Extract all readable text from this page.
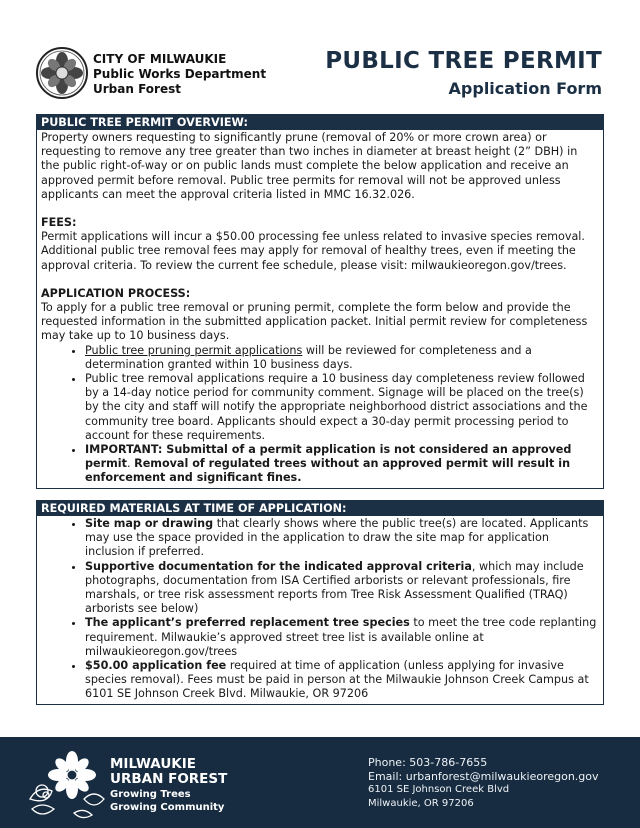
CITY OF MILWAUKIE
Public Works Department
Urban Forest
PUBLIC TREE PERMIT
Application Form
PUBLIC TREE PERMIT OVERVIEW:

Property owners requesting to significantly prune (removal of 20% or more crown area) or requesting to remove any tree greater than two inches in diameter at breast height (2” DBH) in the public right-of-way or on public lands must complete the below application and receive an approved permit before removal. Public tree permits for removal will not be approved unless applicants can meet the approval criteria listed in MMC 16.32.026.

FEES:

Permit applications will incur a $50.00 processing fee unless related to invasive species removal. Additional public tree removal fees may apply for removal of healthy trees, even if meeting the approval criteria. To review the current fee schedule, please visit: milwaukieoregon.gov/trees.

APPLICATION PROCESS:

To apply for a public tree removal or pruning permit, complete the form below and provide the requested information in the submitted application packet. Initial permit review for completeness may take up to 10 business days.

• Public tree pruning permit applications will be reviewed for completeness and a determination granted within 10 business days.
• Public tree removal applications require a 10 business day completeness review followed by a 14-day notice period for community comment. Signage will be placed on the tree(s) by the city and staff will notify the appropriate neighborhood district associations and the community tree board. Applicants should expect a 30-day permit processing period to account for these requirements.
• IMPORTANT: Submittal of a permit application is not considered an approved permit. Removal of regulated trees without an approved permit will result in enforcement and significant fines.
REQUIRED MATERIALS AT TIME OF APPLICATION:
• Site map or drawing that clearly shows where the public tree(s) are located. Applicants may use the space provided in the application to draw the site map for application inclusion if preferred.
• Supportive documentation for the indicated approval criteria, which may include photographs, documentation from ISA Certified arborists or relevant professionals, fire marshals, or tree risk assessment reports from Tree Risk Assessment Qualified (TRAQ) arborists see below)
• The applicant’s preferred replacement tree species to meet the tree code replanting requirement. Milwaukie’s approved street tree list is available online at milwaukieoregon.gov/trees
• $50.00 application fee required at time of application (unless applying for invasive species removal). Fees must be paid in person at the Milwaukie Johnson Creek Campus at 6101 SE Johnson Creek Blvd. Milwaukie, OR 97206
MILWAUKIE
URBAN FOREST
Growing Trees
Growing Community
Phone: 503-786-7655
Email: urbanforest@milwaukieoregon.gov
6101 SE Johnson Creek Blvd
Milwaukie, OR 97206
